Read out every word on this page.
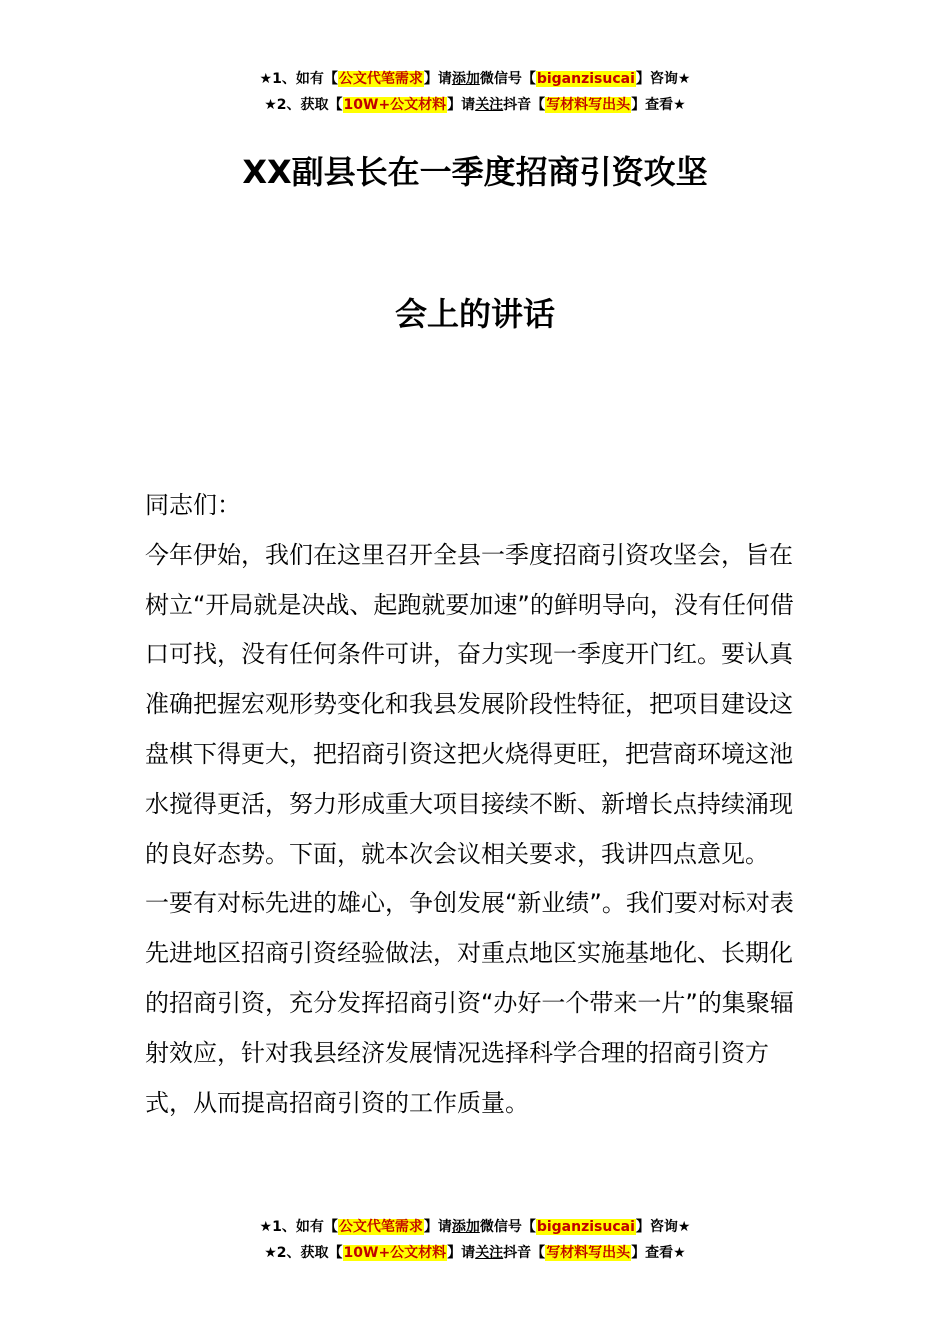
★1、如有【公文代笔需求】请添加微信号【biganzisucai】咨询★
★2、获取【10W+公文材料】请关注抖音【写材料写出头】查看★
XX副县长在一季度招商引资攻坚
会上的讲话

同志们：

今年伊始，我们在这里召开全县一季度招商引资攻坚会，旨在树立“开局就是决战、起跑就要加速”的鲜明导向，没有任何借口可找，没有任何条件可讲，奋力实现一季度开门红。要认真准确把握宏观形势变化和我县发展阶段性特征，把项目建设这盘棋下得更大，把招商引资这把火烧得更旺，把营商环境这池水搅得更活，努力形成重大项目接续不断、新增长点持续涌现的良好态势。下面，就本次会议相关要求，我讲四点意见。

一要有对标先进的雄心，争创发展“新业绩”。我们要对标对表先进地区招商引资经验做法，对重点地区实施基地化、长期化的招商引资，充分发挥招商引资“办好一个带来一片”的集聚辐射效应，针对我县经济发展情况选择科学合理的招商引资方式，从而提高招商引资的工作质量。

★1、如有【公文代笔需求】请添加微信号【biganzisucai】咨询★
★2、获取【10W+公文材料】请关注抖音【写材料写出头】查看★
